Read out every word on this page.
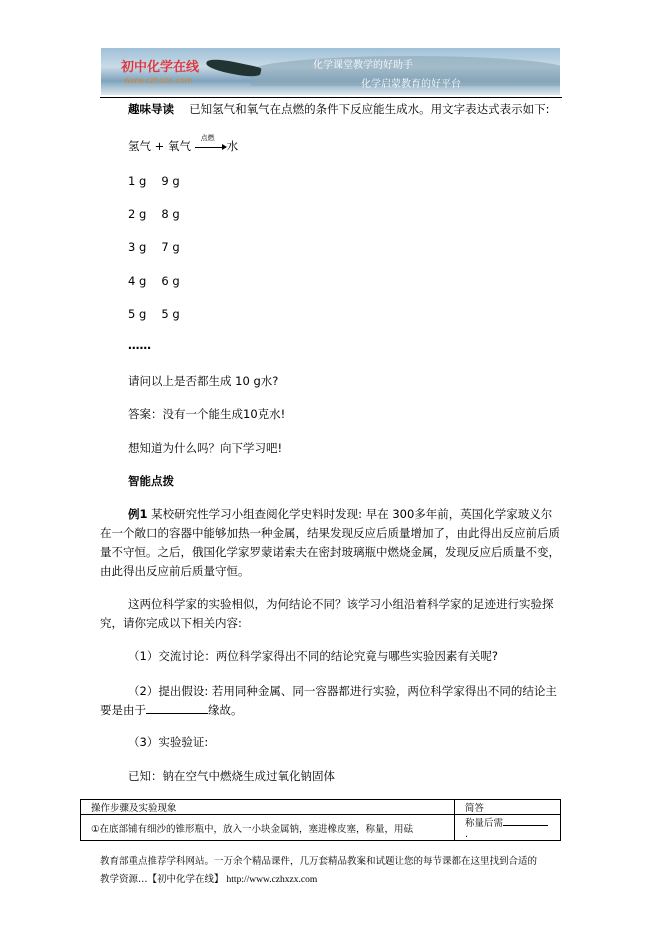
初中化学在线
www.czhxzx.com
化学课堂教学的好助手
化学启蒙教育的好平台
趣味导读　 已知氢气和氧气在点燃的条件下反应能生成水。用文字表达式表示如下:
氢气 + 氧气
点燃
水
1 g　 9 g
2 g　 8 g
3 g　 7 g
4 g　 6 g
5 g　 5 g
……
请问以上是否都生成 10 g水?
答案：没有一个能生成10克水!
想知道为什么吗？向下学习吧!
智能点拨
例1 某校研究性学习小组查阅化学史料时发现: 早在 300多年前，英国化学家玻义尔
在一个敞口的容器中能够加热一种金属，结果发现反应后质量增加了，由此得出反应前后质
量不守恒。之后，俄国化学家罗蒙诺索夫在密封玻璃瓶中燃烧金属，发现反应后质量不变，
由此得出反应前后质量守恒。
这两位科学家的实验相似，为何结论不同？该学习小组沿着科学家的足迹进行实验探
究，请你完成以下相关内容:
（1）交流讨论：两位科学家得出不同的结论究竟与哪些实验因素有关呢?
（2）提出假设: 若用同种金属、同一容器都进行实验，两位科学家得出不同的结论主
要是由于	缘故。
（3）实验验证:
已知：钠在空气中燃烧生成过氧化钠固体
操作步骤及实验现象	简答
①在底部铺有细沙的锥形瓶中，放入一小块金属钠，塞进橡皮塞，称量，用砝	称量后需 .
教育部重点推荐学科网站。一万余个精品课件，几万套精品教案和试题让您的每节课都在这里找到合适的
教学资源…【初中化学在线】 http://www.czhxzx.com
